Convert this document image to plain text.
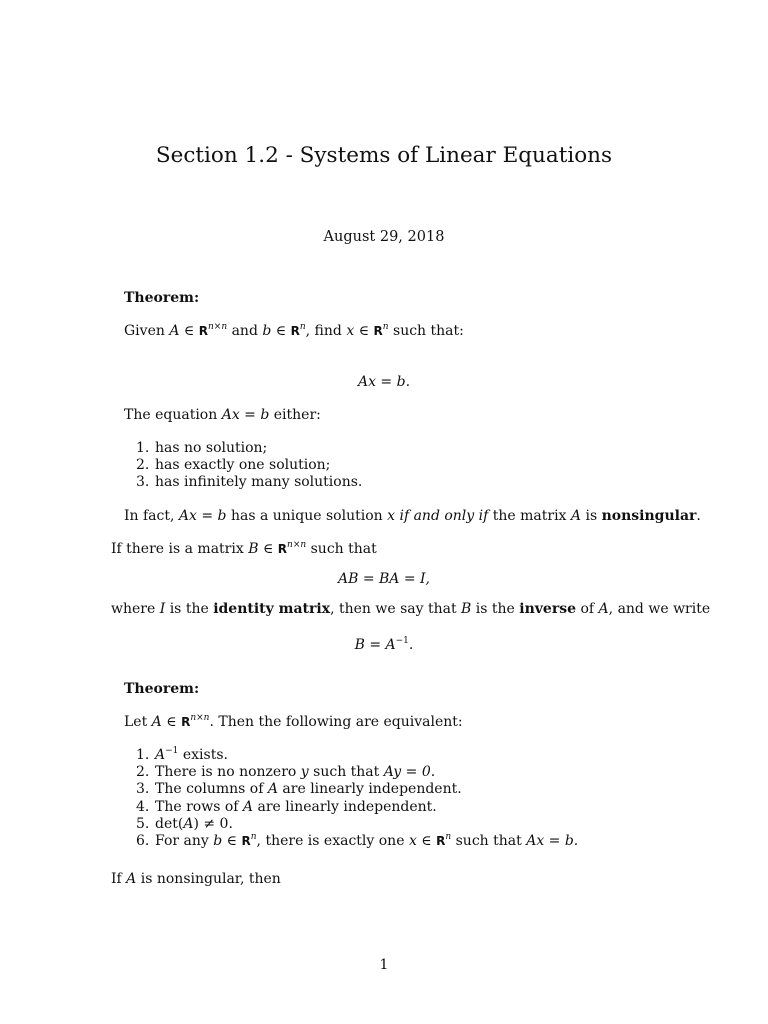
Section 1.2 - Systems of Linear Equations
August 29, 2018
Theorem:
Given A ∈ $R^{n\times n}$ and b ∈ $R^n$, find x ∈ $R^n$ such that:
Ax = b.
The equation Ax = b either:
1. has no solution;
2. has exactly one solution;
3. has infinitely many solutions.
In fact, Ax = b has a unique solution x if and only if the matrix A is nonsingular.
If there is a matrix B ∈ $R^{n\times n}$ such that
AB = BA = I,
where I is the identity matrix, then we say that B is the inverse of A, and we write
$B = A^{-1}$.
Theorem:
Let A ∈ $R^{n\times n}$. Then the following are equivalent:
1. $A^{-1}$ exists.
2. There is no nonzero y such that Ay = 0.
3. The columns of A are linearly independent.
4. The rows of A are linearly independent.
5. det(A) ≠ 0.
6. For any b ∈ $R^n$, there is exactly one x ∈ $R^n$ such that Ax = b.
If A is nonsingular, then
1
